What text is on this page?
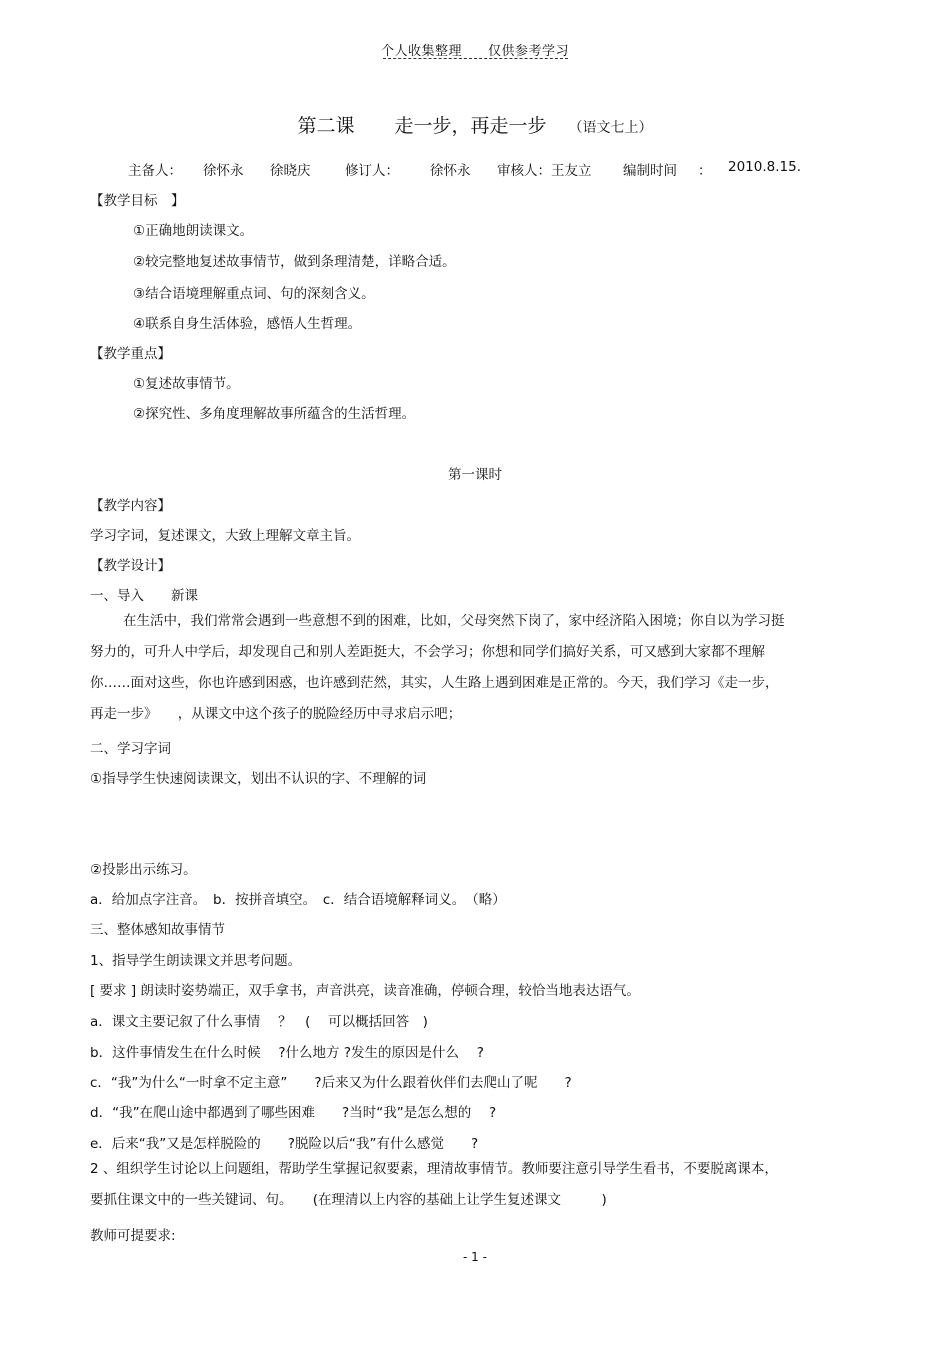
个人收集整理 仅供参考学习
第二课 走一步，再走一步 （语文七上）
主备人： 徐怀永 徐晓庆	修订人： 徐怀永 审核人：王友立 编制时间 ： 2010.8.15.
【教学目标　】
①正确地朗读课文。
②较完整地复述故事情节，做到条理清楚，详略合适。
③结合语境理解重点词、句的深刻含义。
④联系自身生活体验，感悟人生哲理。
【教学重点】
①复述故事情节。
②探究性、多角度理解故事所蕴含的生活哲理。
第一课时
【教学内容】
学习字词，复述课文，大致上理解文章主旨。
【教学设计】
一、导入　　新课
在生活中，我们常常会遇到一些意想不到的困难，比如，父母突然下岗了，家中经济陷入困境；你自以为学习挺努力的，可升人中学后，却发现自己和别人差距挺大，不会学习；你想和同学们搞好关系，可又感到大家都不理解你……面对这些，你也许感到困惑，也许感到茫然，其实，人生路上遇到困难是正常的。今天，我们学习《走一步，再走一步》　　，从课文中这个孩子的脱险经历中寻求启示吧；
二、学习字词
①指导学生快速阅读课文，划出不认识的字、不理解的词
②投影出示练习。
a．给加点字注音。　b．按拼音填空。　c．结合语境解释词义。　（略）
三、整体感知故事情节
1、指导学生朗读课文并思考问题。
[ 要求 ] 朗读时姿势端正，双手拿书，声音洪亮，读音准确，停顿合理，较恰当地表达语气。
a．课文主要记叙了什么事情　 ？　(　 可以概括回答　)
b．这件事情发生在什么时候　 ?什么地方 ?发生的原因是什么　 ?
c．“我”为什么“一时拿不定主意”　　?后来又为什么跟着伙伴们去爬山了呢　　?
d．“我”在爬山途中都遇到了哪些困难　　?当时“我”是怎么想的　 ?
e．后来“我”又是怎样脱险的　　?脱险以后“我”有什么感觉　　?
2 、组织学生讨论以上问题组，帮助学生掌握记叙要素，理清故事情节。教师要注意引导学生看书，不要脱离课本，要抓住课文中的一些关键词、句。　　(在理清以上内容的基础上让学生复述课文　　　)
教师可提要求:
- 1 -
